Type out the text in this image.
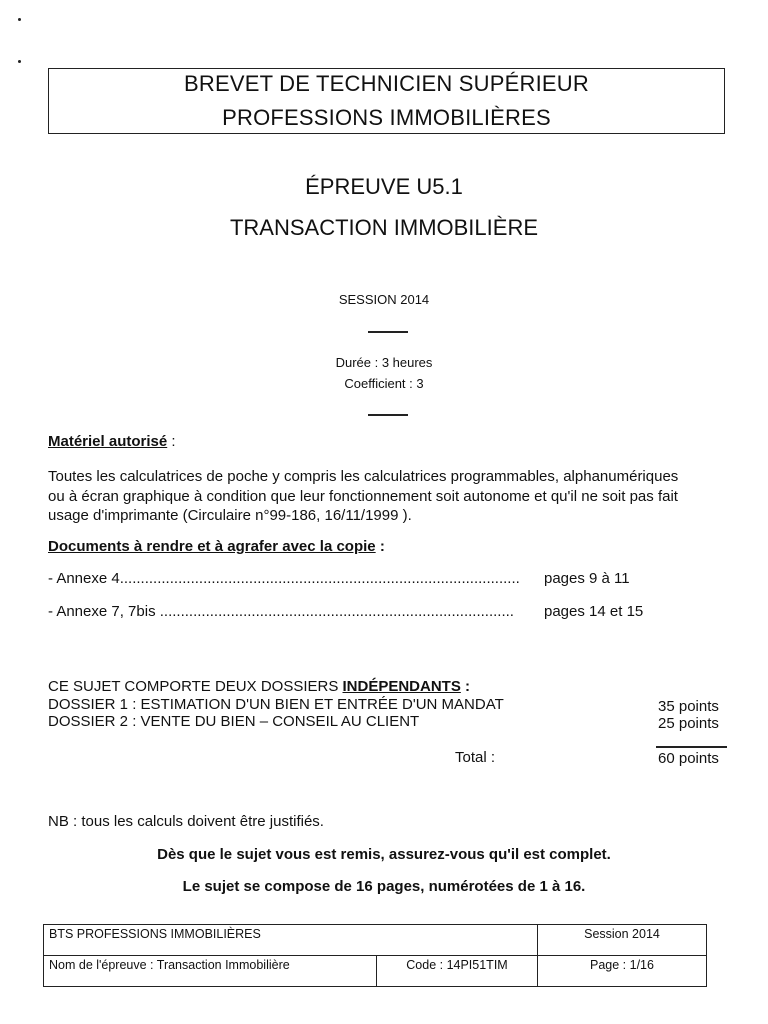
BREVET DE TECHNICIEN SUPÉRIEUR
PROFESSIONS IMMOBILIÈRES
ÉPREUVE U5.1
TRANSACTION IMMOBILIÈRE
SESSION 2014
Durée : 3 heures
Coefficient : 3
Matériel autorisé :
Toutes les calculatrices de poche y compris les calculatrices programmables, alphanumériques
ou à écran graphique à condition que leur fonctionnement soit autonome et qu'il ne soit pas fait
usage d'imprimante (Circulaire n°99-186, 16/11/1999 ).
Documents à rendre et à agrafer avec la copie :
- Annexe 4................................................................................................ pages 9 à 11
- Annexe 7, 7bis ..................................................................................... pages 14 et 15
CE SUJET COMPORTE DEUX DOSSIERS INDÉPENDANTS :
DOSSIER 1 : ESTIMATION D'UN BIEN ET ENTRÉE D'UN MANDAT	35 points
DOSSIER 2 : VENTE DU BIEN – CONSEIL AU CLIENT	25 points
Total :	60 points
NB : tous les calculs doivent être justifiés.
Dès que le sujet vous est remis, assurez-vous qu'il est complet.
Le sujet se compose de 16 pages, numérotées de 1 à 16.
BTS PROFESSIONS IMMOBILIÈRES		Session 2014
Nom de l'épreuve : Transaction Immobilière	Code : 14PI51TIM	Page : 1/16
